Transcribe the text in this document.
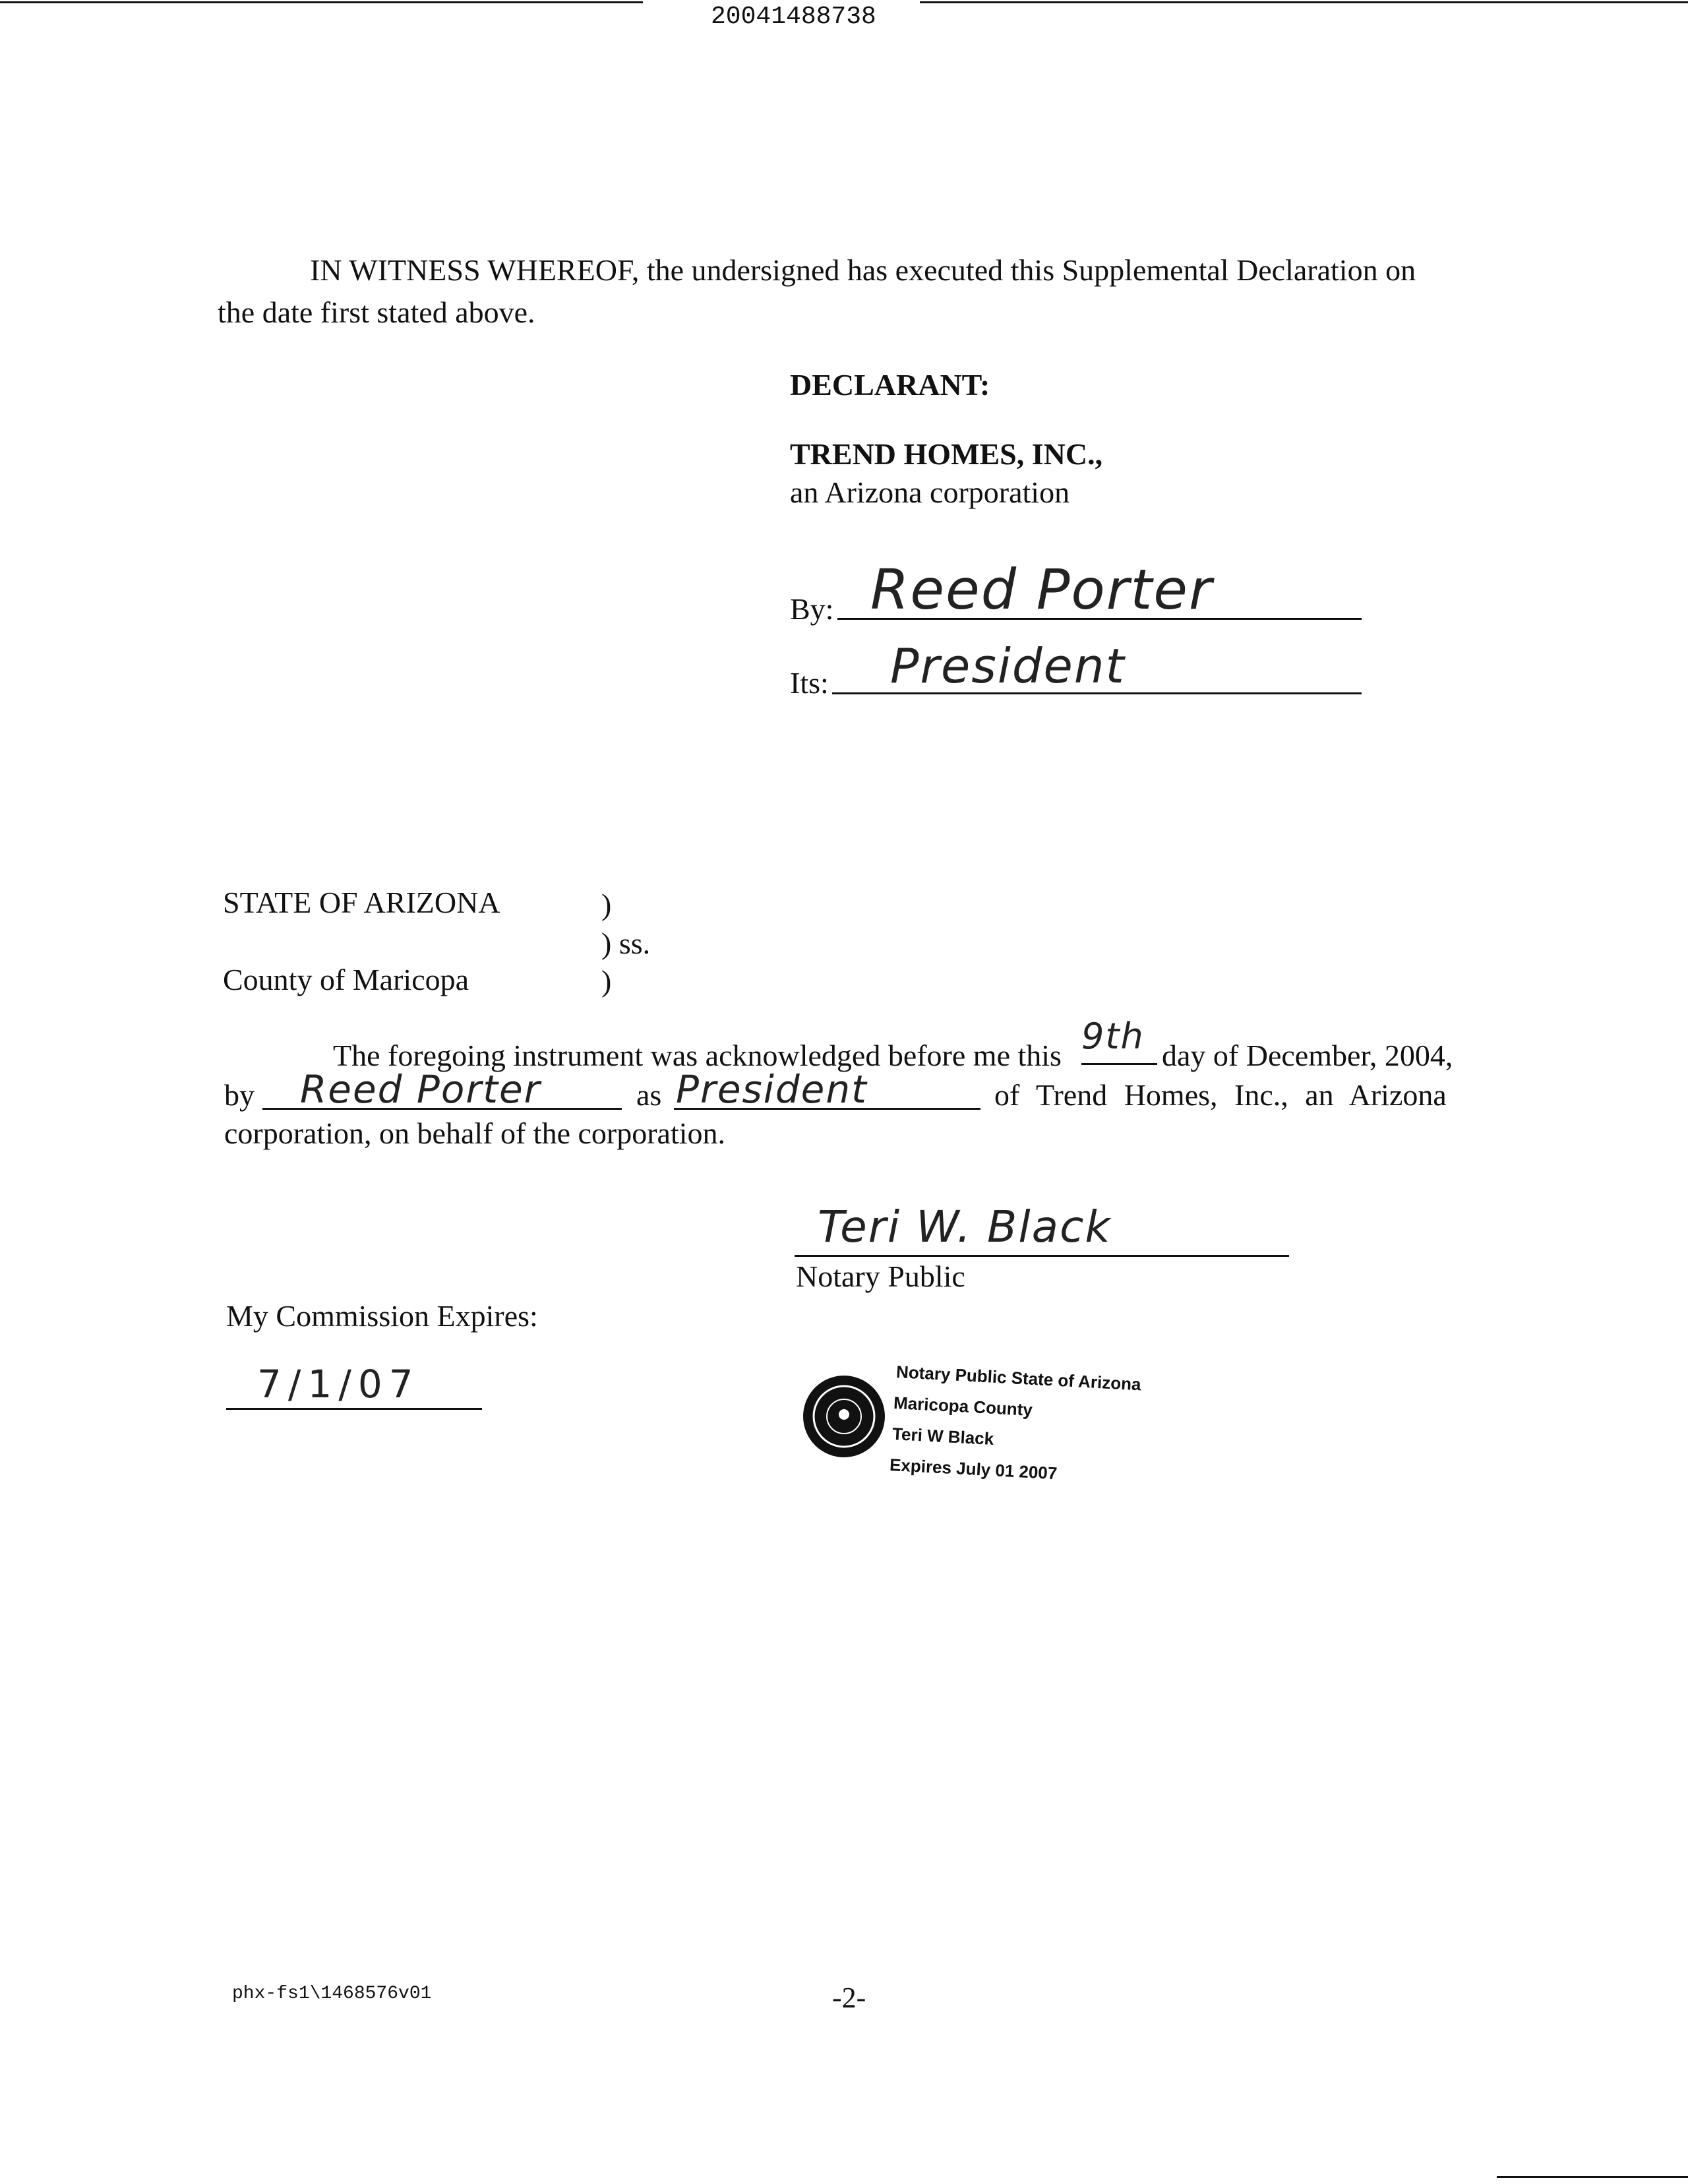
20041488738
IN WITNESS WHEREOF, the undersigned has executed this Supplemental Declaration on
the date first stated above.
DECLARANT:
TREND HOMES, INC.,
an Arizona corporation
By: Reed Porter
Its: President
STATE OF ARIZONA	)
) ss.
County of Maricopa	)
The foregoing instrument was acknowledged before me this 9th day of December, 2004,
by Reed Porter	as President	of Trend Homes, Inc., an Arizona
corporation, on behalf of the corporation.
Teri W. Black
Notary Public
My Commission Expires:
7/1/07	Notary Public State of Arizona
Maricopa County
Teri W Black
Expires July 01 2007
phx-fs1\1468576v01	-2-
